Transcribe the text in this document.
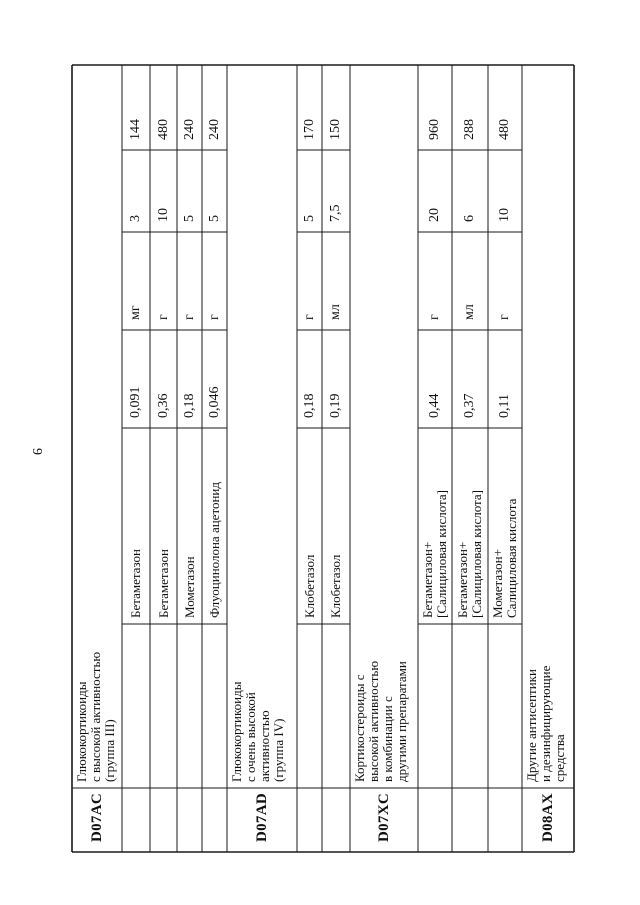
9
D07AC
Глюкокортикоиды с высокой активностью (группа III)
Бетаметазон
0,091
мг
3
144
Бетаметазон
0,36
г
10
480
Мометазон
0,18
г
5
240
Флуоцинолона ацетонид
0,046
г
5
240
D07AD
Глюкокортикоиды с очень высокой активностью (группа IV)
Клобетазол
0,18
г
5
170
Клобетазол
0,19
мл
7,5
150
D07XC
Кортикостероиды с высокой активностью в комбинации с другими препаратами
Бетаметазон+ [Салициловая кислота]
0,44
г
20
960
Бетаметазон+ [Салициловая кислота]
0,37
мл
6
288
Мометазон+ Салициловая кислота
0,11
г
10
480
D08AX
Другие антисептики и дезинфицирующие средства
